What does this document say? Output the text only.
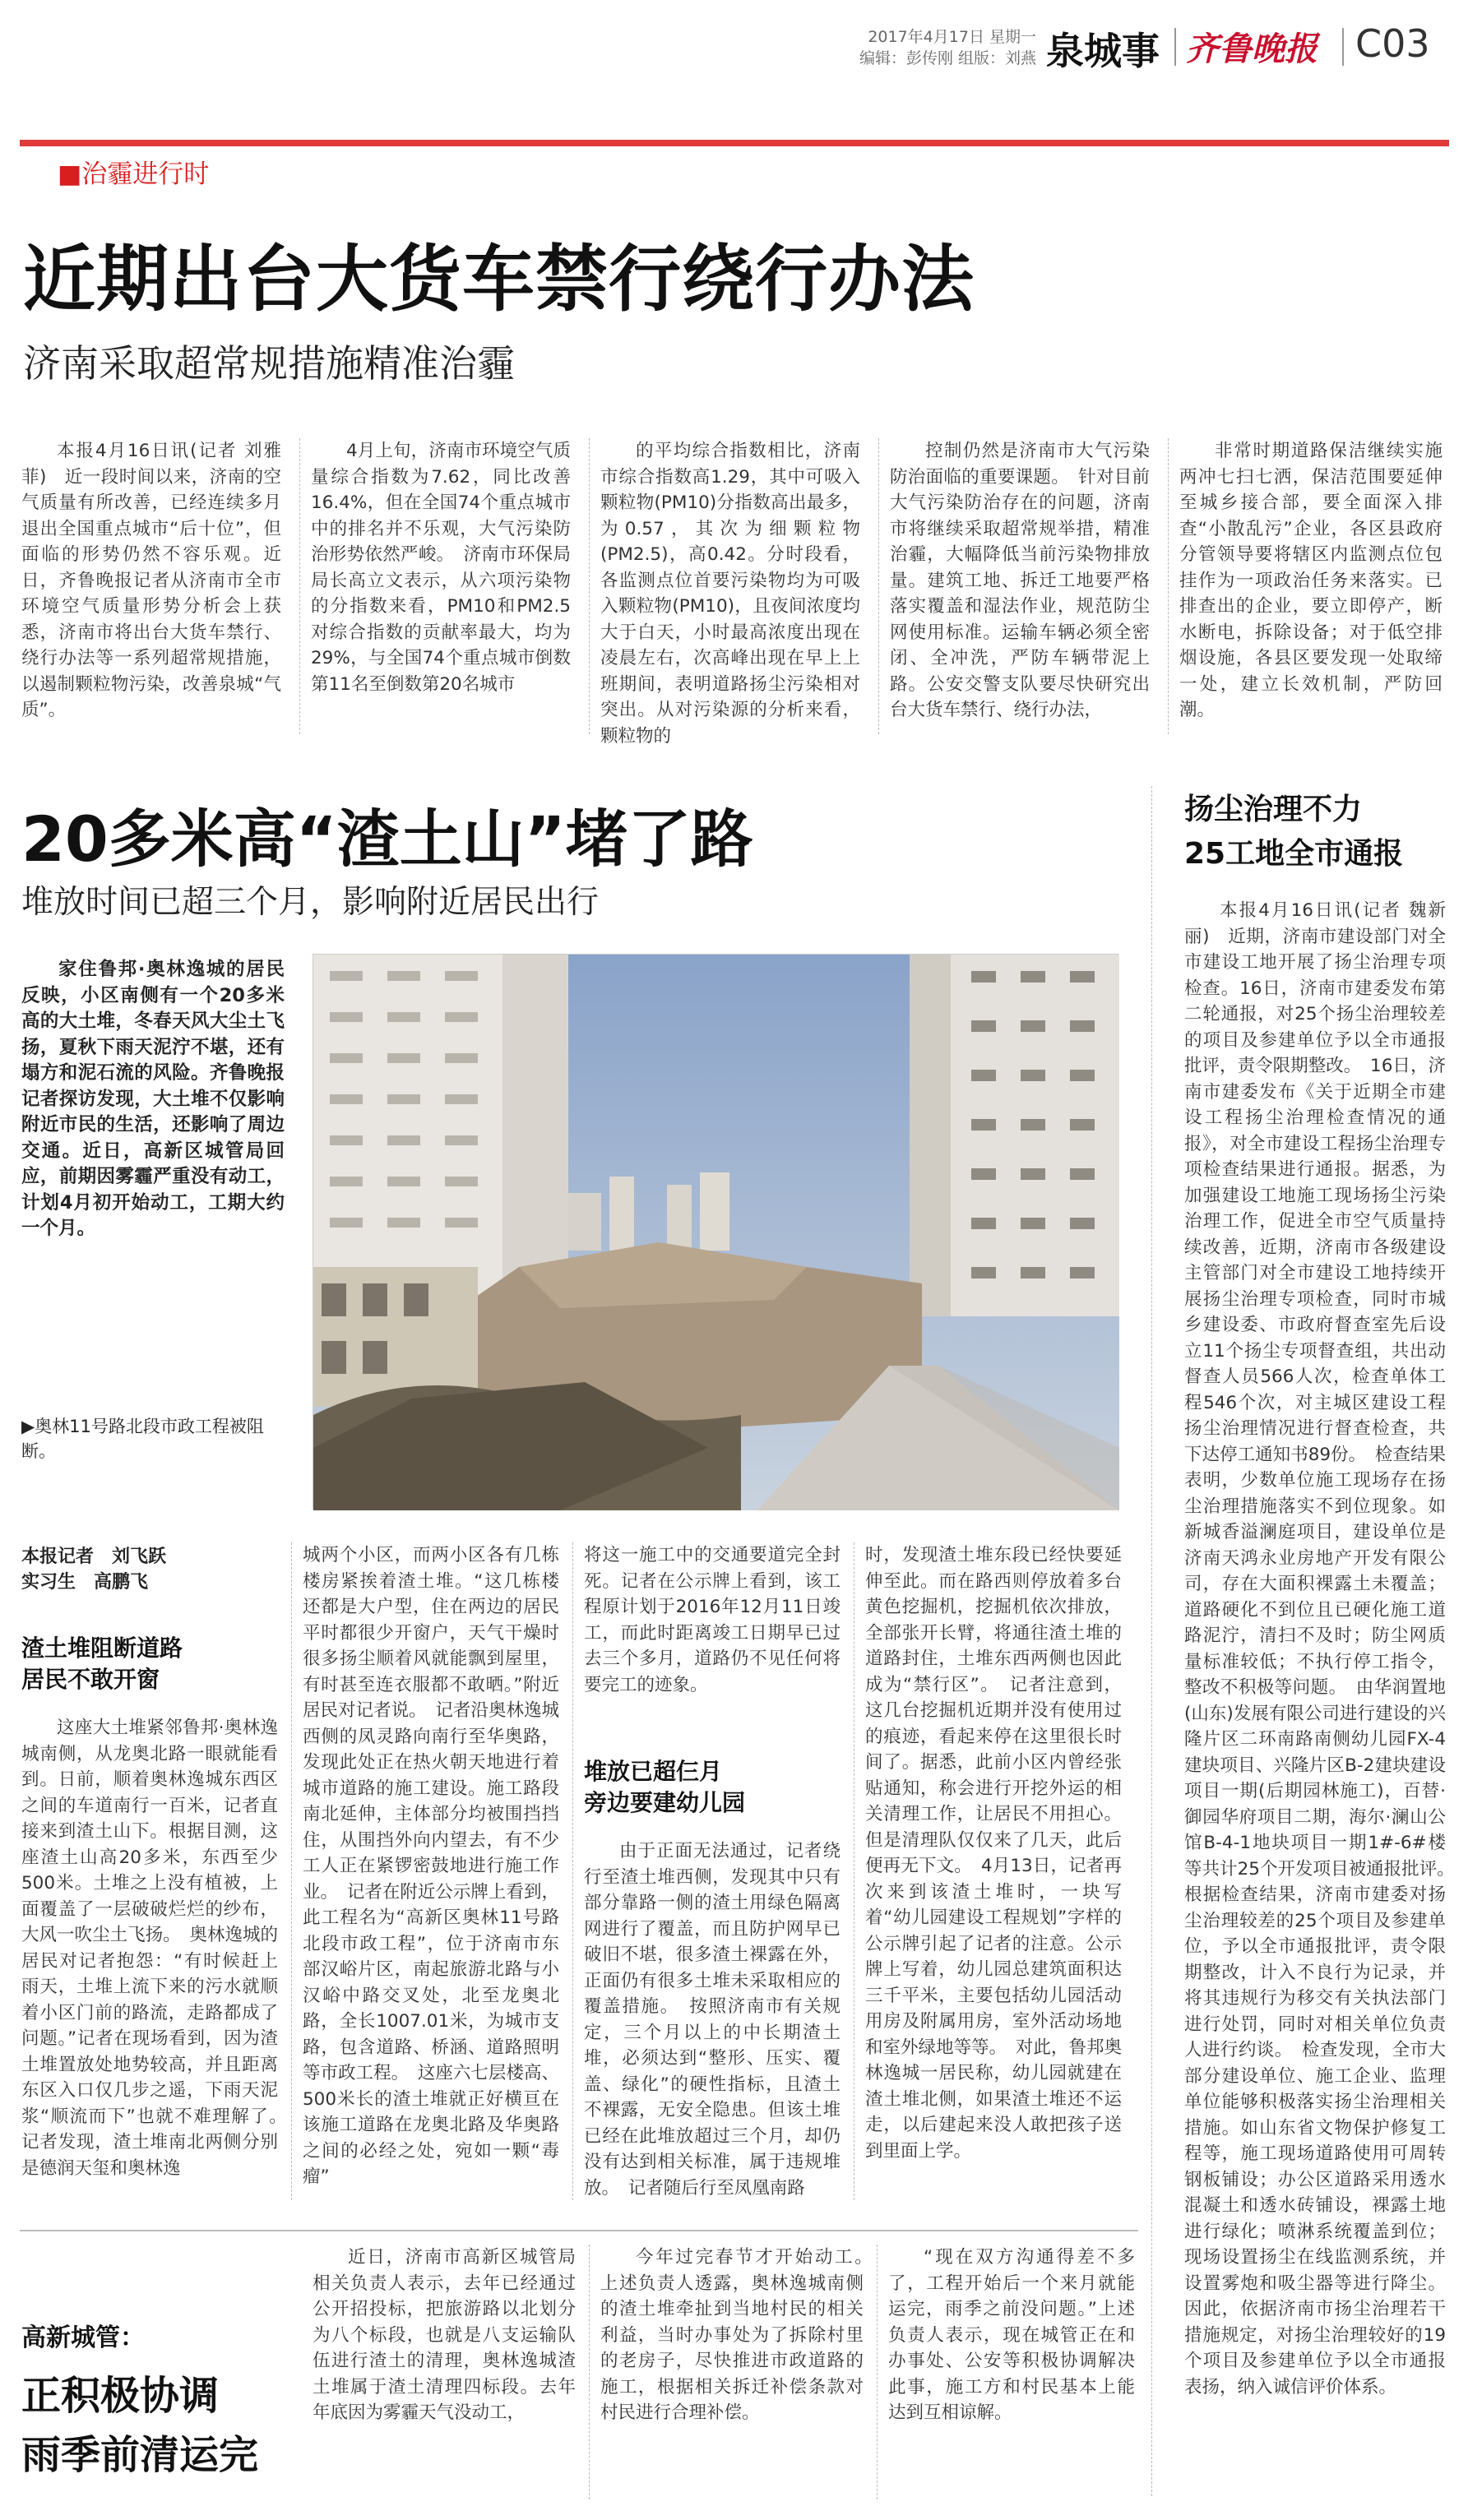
2017年4月17日 星期一
编辑：彭传刚 组版：刘燕 泉城事 齐鲁晚报 C03
■治霾进行时
近期出台大货车禁行绕行办法
济南采取超常规措施精准治霾
本报4月16日讯(记者 刘雅菲)　近一段时间以来，济南的空气质量有所改善，已经连续多月退出全国重点城市“后十位”，但面临的形势仍然不容乐观。近日，齐鲁晚报记者从济南市全市环境空气质量形势分析会上获悉，济南市将出台大货车禁行、绕行办法等一系列超常规措施，以遏制颗粒物污染，改善泉城“气质”。
4月上旬，济南市环境空气质量综合指数为7.62，同比改善16.4%，但在全国74个重点城市中的排名并不乐观，大气污染防治形势依然严峻。　济南市环保局局长高立文表示，从六项污染物的分指数来看，PM10和PM2.5对综合指数的贡献率最大，均为29%，与全国74个重点城市倒数第11名至倒数第20名城市
的平均综合指数相比，济南市综合指数高1.29，其中可吸入颗粒物(PM10)分指数高出最多，为0.57，其次为细颗粒物(PM2.5)，高0.42。分时段看，各监测点位首要污染物均为可吸入颗粒物(PM10)，且夜间浓度均大于白天，小时最高浓度出现在凌晨左右，次高峰出现在早上上班期间，表明道路扬尘污染相对突出。从对污染源的分析来看，颗粒物的
控制仍然是济南市大气污染防治面临的重要课题。　针对目前大气污染防治存在的问题，济南市将继续采取超常规举措，精准治霾，大幅降低当前污染物排放量。建筑工地、拆迁工地要严格落实覆盖和湿法作业，规范防尘网使用标准。运输车辆必须全密闭、全冲洗，严防车辆带泥上路。公安交警支队要尽快研究出台大货车禁行、绕行办法，
非常时期道路保洁继续实施两冲七扫七洒，保洁范围要延伸至城乡接合部，要全面深入排查“小散乱污”企业，各区县政府分管领导要将辖区内监测点位包挂作为一项政治任务来落实。已排查出的企业，要立即停产，断水断电，拆除设备；对于低空排烟设施，各县区要发现一处取缔一处，建立长效机制，严防回潮。
20多米高“渣土山”堵了路
堆放时间已超三个月，影响附近居民出行
家住鲁邦·奥林逸城的居民反映，小区南侧有一个20多米高的大土堆，冬春天风大尘土飞扬，夏秋下雨天泥泞不堪，还有塌方和泥石流的风险。齐鲁晚报记者探访发现，大土堆不仅影响附近市民的生活，还影响了周边交通。近日，高新区城管局回应，前期因雾霾严重没有动工，计划4月初开始动工，工期大约一个月。
▶奥林11号路北段市政工程被阻断。
本报记者　刘飞跃
实习生　高鹏飞
渣土堆阻断道路
居民不敢开窗
这座大土堆紧邻鲁邦·奥林逸城南侧，从龙奥北路一眼就能看到。日前，顺着奥林逸城东西区之间的车道南行一百米，记者直接来到渣土山下。根据目测，这座渣土山高20多米，东西至少500米。土堆之上没有植被，上面覆盖了一层破破烂烂的纱布，大风一吹尘土飞扬。　奥林逸城的居民对记者抱怨：“有时候赶上雨天，土堆上流下来的污水就顺着小区门前的路流，走路都成了问题。”记者在现场看到，因为渣土堆置放处地势较高，并且距离东区入口仅几步之遥，下雨天泥浆“顺流而下”也就不难理解了。　记者发现，渣土堆南北两侧分别是德润天玺和奥林逸
城两个小区，而两小区各有几栋楼房紧挨着渣土堆。“这几栋楼还都是大户型，住在两边的居民平时都很少开窗户，天气干燥时很多扬尘顺着风就能飘到屋里，有时甚至连衣服都不敢晒。”附近居民对记者说。　记者沿奥林逸城西侧的凤灵路向南行至华奥路，发现此处正在热火朝天地进行着城市道路的施工建设。施工路段南北延伸，主体部分均被围挡挡住，从围挡外向内望去，有不少工人正在紧锣密鼓地进行施工作业。　记者在附近公示牌上看到，此工程名为“高新区奥林11号路北段市政工程”，位于济南市东部汉峪片区，南起旅游北路与小汉峪中路交叉处，北至龙奥北路，全长1007.01米，为城市支路，包含道路、桥涵、道路照明等市政工程。　这座六七层楼高、500米长的渣土堆就正好横亘在该施工道路在龙奥北路及华奥路之间的必经之处，宛如一颗“毒瘤”
将这一施工中的交通要道完全封死。记者在公示牌上看到，该工程原计划于2016年12月11日竣工，而此时距离竣工日期早已过去三个多月，道路仍不见任何将要完工的迹象。
堆放已超仨月
旁边要建幼儿园
由于正面无法通过，记者绕行至渣土堆西侧，发现其中只有部分靠路一侧的渣土用绿色隔离网进行了覆盖，而且防护网早已破旧不堪，很多渣土裸露在外，正面仍有很多土堆未采取相应的覆盖措施。　按照济南市有关规定，三个月以上的中长期渣土堆，必须达到“整形、压实、覆盖、绿化”的硬性指标，且渣土不裸露，无安全隐患。但该土堆已经在此堆放超过三个月，却仍没有达到相关标准，属于违规堆放。　记者随后行至凤凰南路
时，发现渣土堆东段已经快要延伸至此。而在路西则停放着多台黄色挖掘机，挖掘机依次排放，全部张开长臂，将通往渣土堆的道路封住，土堆东西两侧也因此成为“禁行区”。　记者注意到，这几台挖掘机近期并没有使用过的痕迹，看起来停在这里很长时间了。据悉，此前小区内曾经张贴通知，称会进行开挖外运的相关清理工作，让居民不用担心。但是清理队仅仅来了几天，此后便再无下文。　4月13日，记者再次来到该渣土堆时，一块写着“幼儿园建设工程规划”字样的公示牌引起了记者的注意。公示牌上写着，幼儿园总建筑面积达三千平米，主要包括幼儿园活动用房及附属用房，室外活动场地和室外绿地等等。　对此，鲁邦奥林逸城一居民称，幼儿园就建在渣土堆北侧，如果渣土堆还不运走，以后建起来没人敢把孩子送到里面上学。
扬尘治理不力
25工地全市通报
本报4月16日讯(记者 魏新丽)　近期，济南市建设部门对全市建设工地开展了扬尘治理专项检查。16日，济南市建委发布第二轮通报，对25个扬尘治理较差的项目及参建单位予以全市通报批评，责令限期整改。　16日，济南市建委发布《关于近期全市建设工程扬尘治理检查情况的通报》，对全市建设工程扬尘治理专项检查结果进行通报。据悉，为加强建设工地施工现场扬尘污染治理工作，促进全市空气质量持续改善，近期，济南市各级建设主管部门对全市建设工地持续开展扬尘治理专项检查，同时市城乡建设委、市政府督查室先后设立11个扬尘专项督查组，共出动督查人员566人次，检查单体工程546个次，对主城区建设工程扬尘治理情况进行督查检查，共下达停工通知书89份。　检查结果表明，少数单位施工现场存在扬尘治理措施落实不到位现象。如新城香溢澜庭项目，建设单位是济南天鸿永业房地产开发有限公司，存在大面积裸露土未覆盖；道路硬化不到位且已硬化施工道路泥泞，清扫不及时；防尘网质量标准较低；不执行停工指令，整改不积极等问题。　由华润置地(山东)发展有限公司进行建设的兴隆片区二环南路南侧幼儿园FX-4建块项目、兴隆片区B-2建块建设项目一期(后期园林施工)，百替·御园华府项目二期，海尔·澜山公馆B-4-1地块项目一期1#-6#楼等共计25个开发项目被通报批评。　根据检查结果，济南市建委对扬尘治理较差的25个项目及参建单位，予以全市通报批评，责令限期整改，计入不良行为记录，并将其违规行为移交有关执法部门进行处罚，同时对相关单位负责人进行约谈。　检查发现，全市大部分建设单位、施工企业、监理单位能够积极落实扬尘治理相关措施。如山东省文物保护修复工程等，施工现场道路使用可周转钢板铺设；办公区道路采用透水混凝土和透水砖铺设，裸露土地进行绿化；喷淋系统覆盖到位；现场设置扬尘在线监测系统，并设置雾炮和吸尘器等进行降尘。因此，依据济南市扬尘治理若干措施规定，对扬尘治理较好的19个项目及参建单位予以全市通报表扬，纳入诚信评价体系。
高新城管：
正积极协调
雨季前清运完
近日，济南市高新区城管局相关负责人表示，去年已经通过公开招投标，把旅游路以北划分为八个标段，也就是八支运输队伍进行渣土的清理，奥林逸城渣土堆属于渣土清理四标段。去年年底因为雾霾天气没动工，
今年过完春节才开始动工。　上述负责人透露，奥林逸城南侧的渣土堆牵扯到当地村民的相关利益，当时办事处为了拆除村里的老房子，尽快推进市政道路的施工，根据相关拆迁补偿条款对村民进行合理补偿。
“现在双方沟通得差不多了，工程开始后一个来月就能运完，雨季之前没问题。”上述负责人表示，现在城管正在和办事处、公安等积极协调解决此事，施工方和村民基本上能达到互相谅解。
